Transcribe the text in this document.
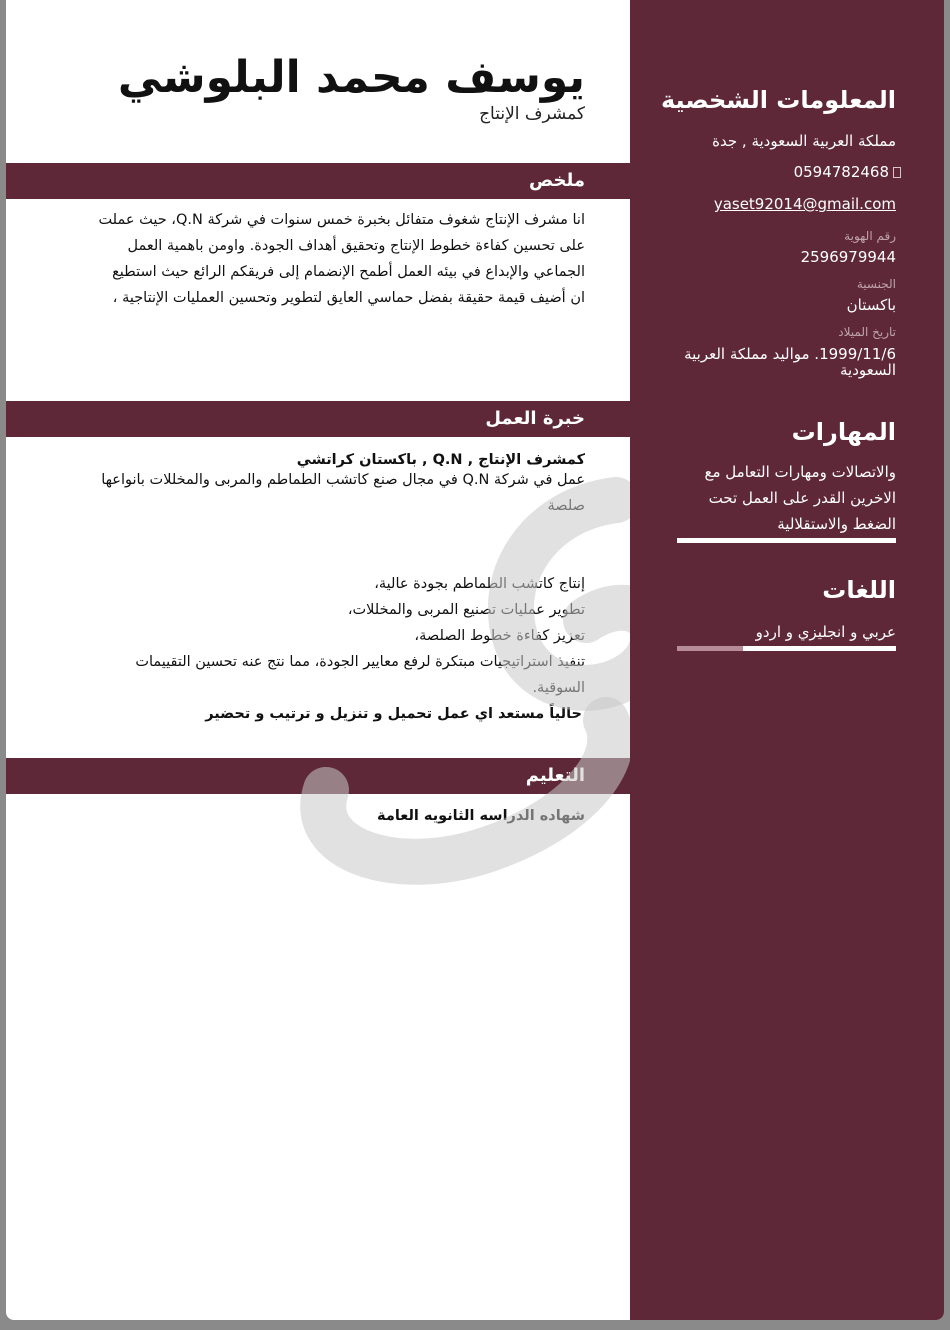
يوسف محمد البلوشي
كمشرف الإنتاج
ملخص
انا مشرف الإنتاج شغوف متفائل بخبرة خمس سنوات في شركة Q.N، حيث عملت
على تحسين كفاءة خطوط الإنتاج وتحقيق أهداف الجودة. واومن باهمية العمل
الجماعي والإبداع في بيئه العمل أطمح الإنضمام إلى فريقكم الرائع حيث استطيع
ان أضيف قيمة حقيقة بفضل حماسي العايق لتطوير وتحسين العمليات الإنتاجية ،
خبرة العمل
كمشرف الإنتاج , Q.N , باكستان كراتشي
عمل في شركة Q.N في مجال صنع كاتشب الطماطم والمربى والمخللات بانواعها
صلصة
إنتاج كاتشب الطماطم بجودة عالية،
تطوير عمليات تصنيع المربى والمخللات،
تعزيز كفاءة خطوط الصلصة،
تنفيذ استراتيجيات مبتكرة لرفع معايير الجودة، مما نتج عنه تحسين التقييمات
السوقية.
حالياً مستعد اي عمل تحميل و تنزيل و ترتيب و تحضير
التعليم
شهاده الدراسه الثانويه العامة
المعلومات الشخصية
مملكة العربية السعودية , جدة
0594782468
yaset92014@gmail.com
رقم الهوية
2596979944
الجنسية
باكستان
تاريخ الميلاد
1999/11/6. مواليد مملكة العربية
السعودية
المهارات
والاتصالات ومهارات التعامل مع
الاخرين القدر على العمل تحت
الضغط والاستقلالية
اللغات
عربي و انجليزي و اردو
